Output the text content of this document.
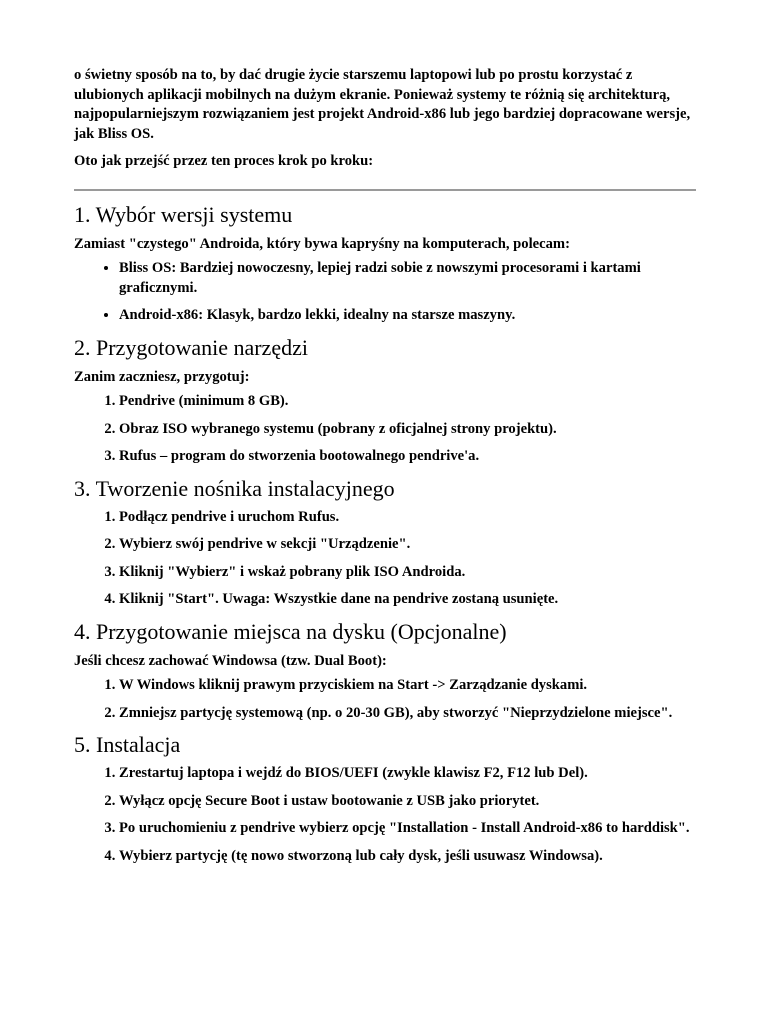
o świetny sposób na to, by dać drugie życie starszemu laptopowi lub po prostu korzystać z ulubionych aplikacji mobilnych na dużym ekranie. Ponieważ systemy te różnią się architekturą, najpopularniejszym rozwiązaniem jest projekt Android-x86 lub jego bardziej dopracowane wersje, jak Bliss OS.

Oto jak przejść przez ten proces krok po kroku:

1. Wybór wersji systemu

Zamiast "czystego" Androida, który bywa kapryśny na komputerach, polecam:

• Bliss OS: Bardziej nowoczesny, lepiej radzi sobie z nowszymi procesorami i kartami graficznymi.
• Android-x86: Klasyk, bardzo lekki, idealny na starsze maszyny.
2. Przygotowanie narzędzi

Zanim zaczniesz, przygotuj:

1. Pendrive (minimum 8 GB).
2. Obraz ISO wybranego systemu (pobrany z oficjalnej strony projektu).
3. Rufus – program do stworzenia bootowalnego pendrive'a.
3. Tworzenie nośnika instalacyjnego
1. Podłącz pendrive i uruchom Rufus.
2. Wybierz swój pendrive w sekcji "Urządzenie".
3. Kliknij "Wybierz" i wskaż pobrany plik ISO Androida.
4. Kliknij "Start". Uwaga: Wszystkie dane na pendrive zostaną usunięte.
4. Przygotowanie miejsca na dysku (Opcjonalne)

Jeśli chcesz zachować Windowsa (tzw. Dual Boot):

1. W Windows kliknij prawym przyciskiem na Start -> Zarządzanie dyskami.
2. Zmniejsz partycję systemową (np. o 20-30 GB), aby stworzyć "Nieprzydzielone miejsce".
5. Instalacja
1. Zrestartuj laptopa i wejdź do BIOS/UEFI (zwykle klawisz F2, F12 lub Del).
2. Wyłącz opcję Secure Boot i ustaw bootowanie z USB jako priorytet.
3. Po uruchomieniu z pendrive wybierz opcję "Installation - Install Android-x86 to harddisk".
4. Wybierz partycję (tę nowo stworzoną lub cały dysk, jeśli usuwasz Windowsa).
